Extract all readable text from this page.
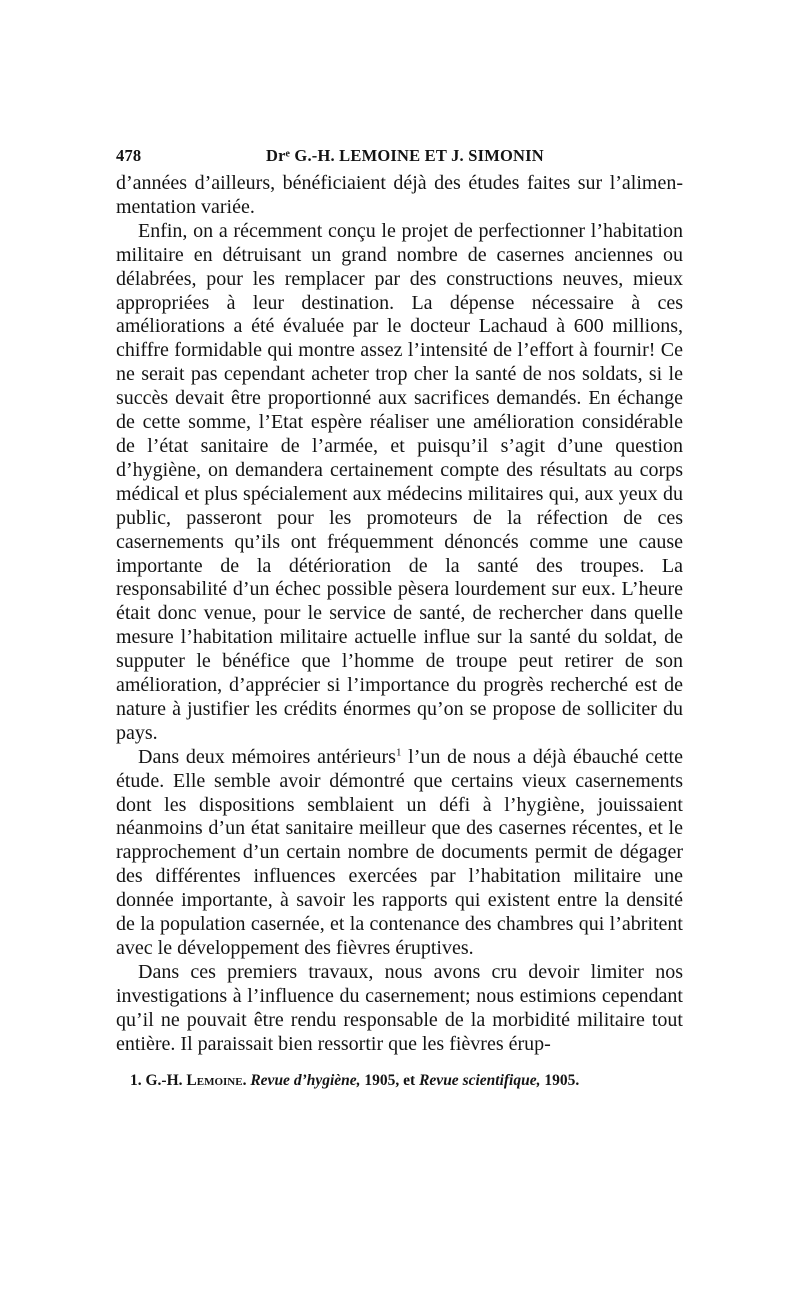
478	Drᵉ G.-H. LEMOINE ET J. SIMONIN

d’années d’ailleurs, bénéficiaient déjà des études faites sur l’alimen-mentation variée.

Enfin, on a récemment conçu le projet de perfectionner l’habitation militaire en détruisant un grand nombre de casernes anciennes ou délabrées, pour les remplacer par des constructions neuves, mieux appropriées à leur destination. La dépense nécessaire à ces améliorations a été évaluée par le docteur Lachaud à 600 millions, chiffre formidable qui montre assez l’intensité de l’effort à fournir! Ce ne serait pas cependant acheter trop cher la santé de nos soldats, si le succès devait être proportionné aux sacrifices demandés. En échange de cette somme, l’Etat espère réaliser une amélioration considérable de l’état sanitaire de l’armée, et puisqu’il s’agit d’une question d’hygiène, on demandera certainement compte des résultats au corps médical et plus spécialement aux médecins militaires qui, aux yeux du public, passeront pour les promoteurs de la réfection de ces casernements qu’ils ont fréquemment dénoncés comme une cause importante de la détérioration de la santé des troupes. La responsabilité d’un échec possible pèsera lourdement sur eux. L’heure était donc venue, pour le service de santé, de rechercher dans quelle mesure l’habitation militaire actuelle influe sur la santé du soldat, de supputer le bénéfice que l’homme de troupe peut retirer de son amélioration, d’apprécier si l’importance du progrès recherché est de nature à justifier les crédits énormes qu’on se propose de solliciter du pays.

Dans deux mémoires antérieurs$^1$ l’un de nous a déjà ébauché cette étude. Elle semble avoir démontré que certains vieux casernements dont les dispositions semblaient un défi à l’hygiène, jouissaient néanmoins d’un état sanitaire meilleur que des casernes récentes, et le rapprochement d’un certain nombre de documents permit de dégager des différentes influences exercées par l’habitation militaire une donnée importante, à savoir les rapports qui existent entre la densité de la population casernée, et la contenance des chambres qui l’abritent avec le développement des fièvres éruptives.

Dans ces premiers travaux, nous avons cru devoir limiter nos investigations à l’influence du casernement; nous estimions cependant qu’il ne pouvait être rendu responsable de la morbidité militaire tout entière. Il paraissait bien ressortir que les fièvres érup-

1. G.-H. Lemoine. Revue d’hygiène, 1905, et Revue scientifique, 1905.
